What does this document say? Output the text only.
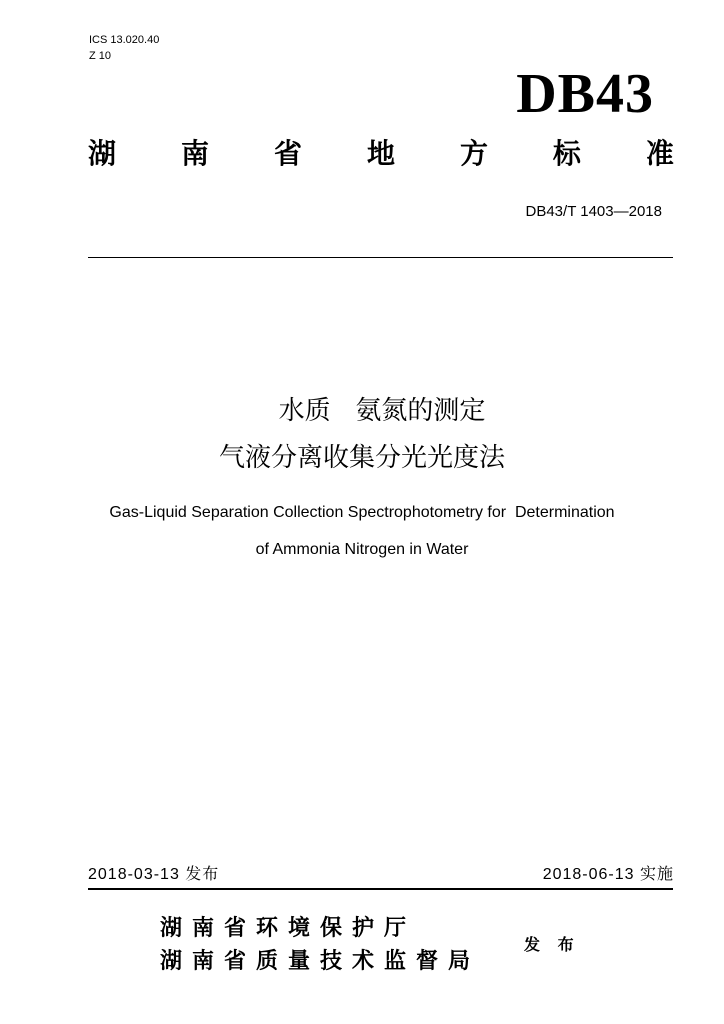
ICS 13.020.40
Z 10
DB43
湖 南 省 地 方 标 准
DB43/T 1403—2018
水质   氨氮的测定
气液分离收集分光光度法
Gas-Liquid Separation Collection Spectrophotometry for  Determination
of Ammonia Nitrogen in Water
2018-03-13 发布	2018-06-13 实施
湖南省环境保护厅
湖南省质量技术监督局
发 布
